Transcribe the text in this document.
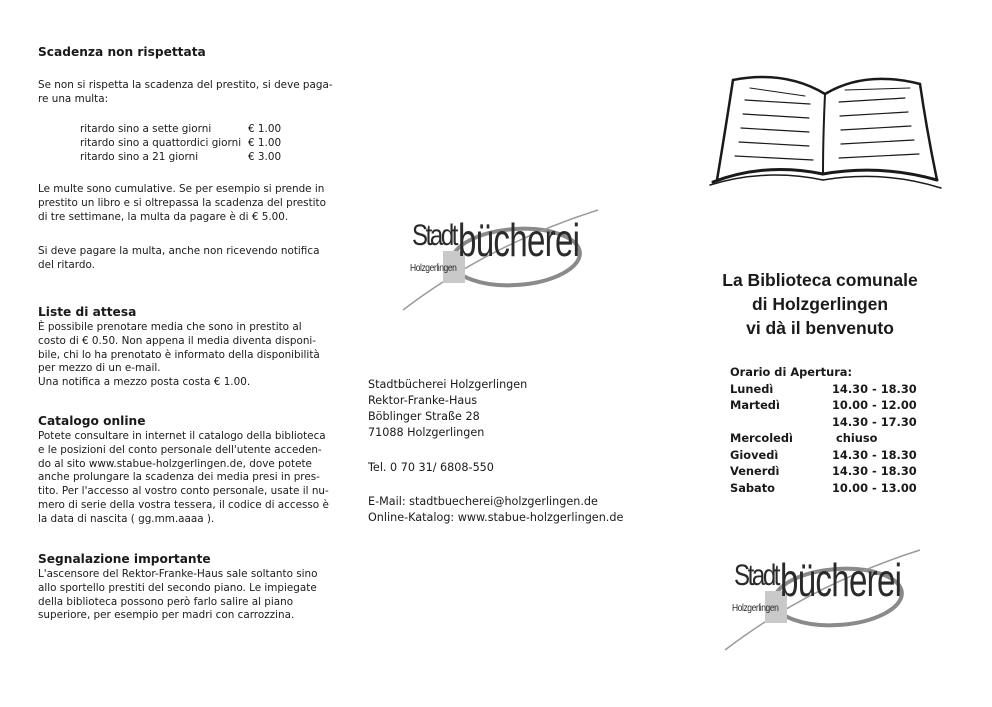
Scadenza non rispettata

Se non si rispetta la scadenza del prestito, si deve paga-

re una multa:

ritardo sino a sette giorni	€ 1.00
ritardo sino a quattordici giorni € 1.00
ritardo sino a 21 giorni	€ 3.00

Le multe sono cumulative. Se per esempio si prende in

prestito un libro e si oltrepassa la scadenza del prestito

di tre settimane, la multa da pagare è di € 5.00.

Si deve pagare la multa, anche non ricevendo notifica

del ritardo.

Liste di attesa

È possibile prenotare media che sono in prestito al

costo di € 0.50. Non appena il media diventa disponi-

bile, chi lo ha prenotato è informato della disponibilità

per mezzo di un e-mail.

Una notifica a mezzo posta costa € 1.00.

Catalogo online

Potete consultare in internet il catalogo della biblioteca

e le posizioni del conto personale dell'utente acceden-

do al sito www.stabue-holzgerlingen.de, dove potete

anche prolungare la scadenza dei media presi in pres-

tito. Per l'accesso al vostro conto personale, usate il nu-

mero di serie della vostra tessera, il codice di accesso è

la data di nascita ( gg.mm.aaaa ).

Segnalazione importante

L'ascensore del Rektor-Franke-Haus sale soltanto sino

allo sportello prestiti del secondo piano. Le impiegate

della biblioteca possono però farlo salire al piano

superiore, per esempio per madri con carrozzina.

Stadt
Holzgerlingen
bücherei

Stadtbücherei Holzgerlingen

Rektor-Franke-Haus

Böblinger Straße 28

71088 Holzgerlingen

Tel. 0 70 31/ 6808-550

E-Mail: stadtbuecherei@holzgerlingen.de

Online-Katalog: www.stabue-holzgerlingen.de

La Biblioteca comunale
di Holzgerlingen
vi dà il benvenuto
Orario di Apertura:
Lunedì	14.30 - 18.30
Martedì	10.00 - 12.00
14.30 - 17.30
Mercoledì	chiuso
Giovedì	14.30 - 18.30
Venerdì	14.30 - 18.30
Sabato	10.00 - 13.00
Stadt
Holzgerlingen
bücherei
